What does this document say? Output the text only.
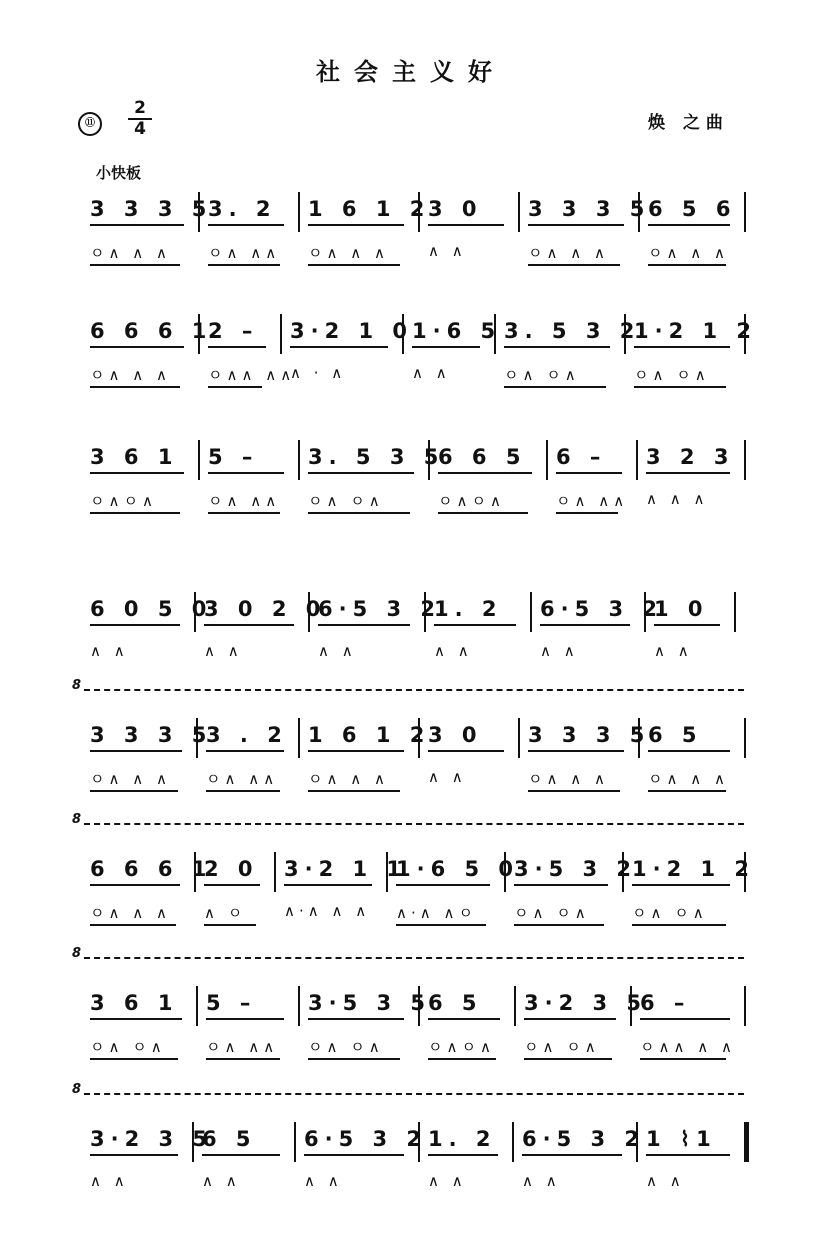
社会主义好
焕 之曲
⑪
2
4
小快板
3 3 3 5
ㅇ∧ ∧ ∧
3. 2
ㅇ∧ ∧∧
1 6 1 2
ㅇ∧ ∧ ∧
3 0
∧ ∧
3 3 3 5
ㅇ∧ ∧ ∧
6 5 6
ㅇ∧ ∧ ∧
6 6 6 1
ㅇ∧ ∧ ∧
2 –
ㅇ∧∧ ∧∧
3·2 1 0
∧ · ∧
1·6 5
∧ ∧
3. 5 3 2
ㅇ∧ ㅇ∧
1·2 1 2
ㅇ∧ ㅇ∧
3 6 1
ㅇ∧ㅇ∧
5 –
ㅇ∧ ∧∧
3. 5 3 5
ㅇ∧ ㅇ∧
6 6 5
ㅇ∧ㅇ∧
6 –
ㅇ∧ ∧∧
3 2 3
∧ ∧ ∧
6 0 5 0
∧ ∧
3 0 2 0
∧ ∧
6·5 3 2
∧ ∧
1. 2
∧ ∧
6·5 3 2
∧ ∧
1 0
∧ ∧
8
3 3 3 5
ㅇ∧ ∧ ∧
3 . 2
ㅇ∧ ∧∧
1 6 1 2
ㅇ∧ ∧ ∧
3 0
∧ ∧
3 3 3 5
ㅇ∧ ∧ ∧
6 5
ㅇ∧ ∧ ∧
8
6 6 6 1
ㅇ∧ ∧ ∧
2 0
∧ ㅇ
3·2 1 1
∧·∧ ∧ ∧
1·6 5 0
∧·∧ ∧ㅇ
3·5 3 2
ㅇ∧ ㅇ∧
1·2 1 2
ㅇ∧ ㅇ∧
8
3 6 1
ㅇ∧ ㅇ∧
5 –
ㅇ∧ ∧∧
3·5 3 5
ㅇ∧ ㅇ∧
6 5
ㅇ∧ㅇ∧
3·2 3 5
ㅇ∧ ㅇ∧
6 –
ㅇ∧∧ ∧ ∧
8
3·2 3 5
∧ ∧
6 5
∧ ∧
6·5 3 2
∧ ∧
1. 2
∧ ∧
6·5 3 2
∧ ∧
1 ⌇1
∧ ∧
